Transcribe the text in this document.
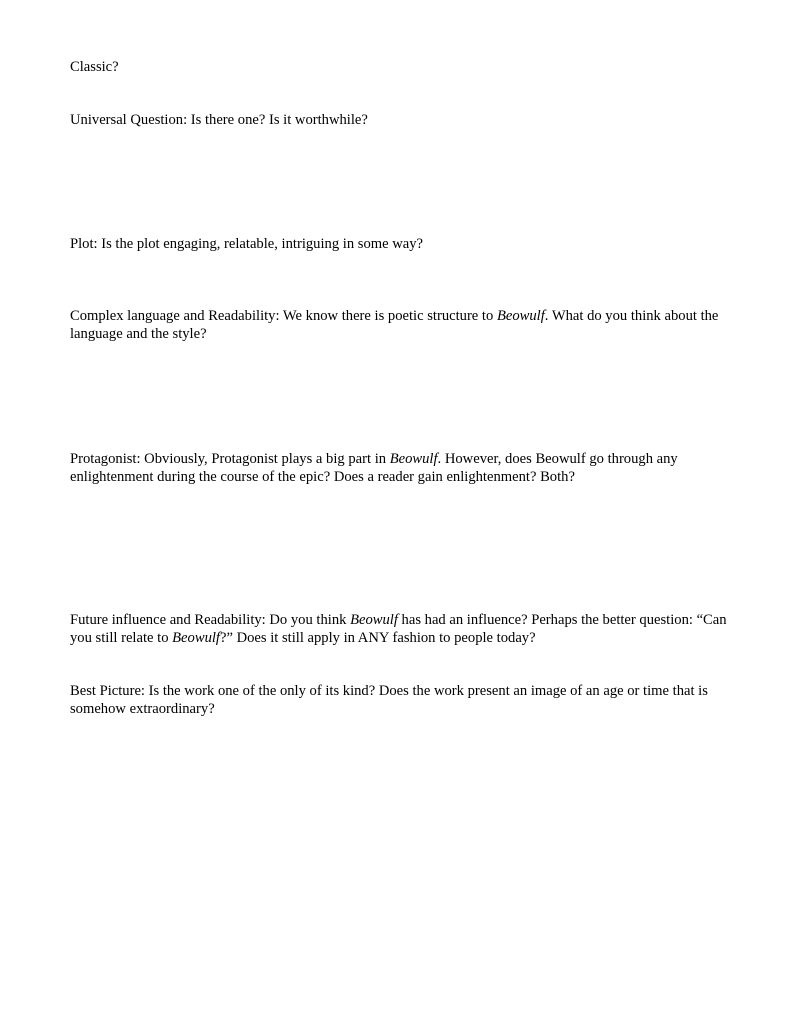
Classic?

Universal Question: Is there one? Is it worthwhile?

Plot: Is the plot engaging, relatable, intriguing in some way?

Complex language and Readability: We know there is poetic structure to Beowulf. What do you think about the language and the style?

Protagonist: Obviously, Protagonist plays a big part in Beowulf. However, does Beowulf go through any enlightenment during the course of the epic? Does a reader gain enlightenment? Both?

Future influence and Readability: Do you think Beowulf has had an influence? Perhaps the better question: “Can you still relate to Beowulf?” Does it still apply in ANY fashion to people today?

Best Picture: Is the work one of the only of its kind? Does the work present an image of an age or time that is somehow extraordinary?
